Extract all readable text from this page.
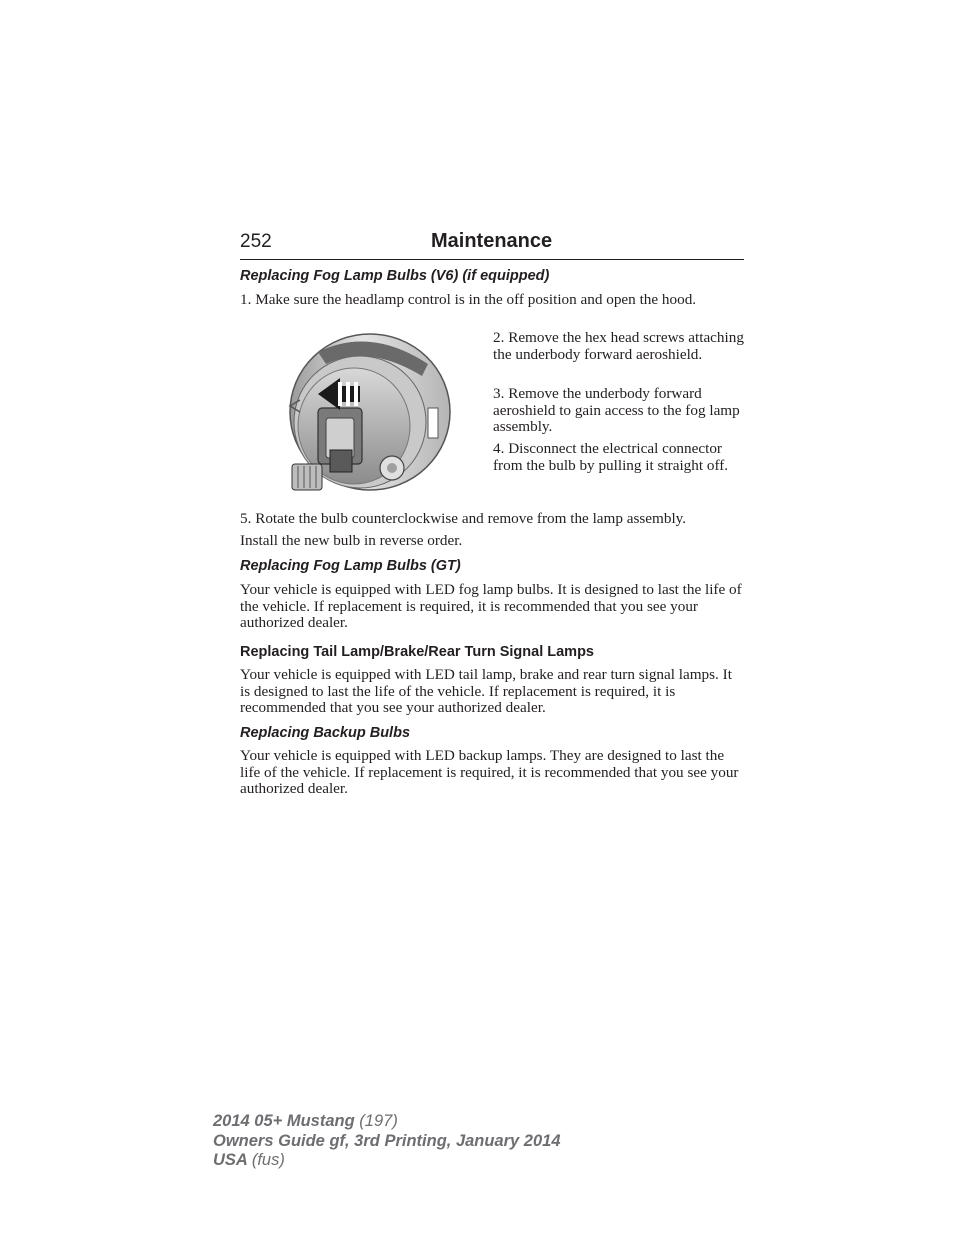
252	Maintenance
Replacing Fog Lamp Bulbs (V6) (if equipped)

1. Make sure the headlamp control is in the off position and open the hood.

2. Remove the hex head screws attaching the underbody forward aeroshield.

3. Remove the underbody forward aeroshield to gain access to the fog lamp assembly.

4. Disconnect the electrical connector from the bulb by pulling it straight off.

5. Rotate the bulb counterclockwise and remove from the lamp assembly.

Install the new bulb in reverse order.

Replacing Fog Lamp Bulbs (GT)

Your vehicle is equipped with LED fog lamp bulbs. It is designed to last the life of the vehicle. If replacement is required, it is recommended that you see your authorized dealer.

Replacing Tail Lamp/Brake/Rear Turn Signal Lamps

Your vehicle is equipped with LED tail lamp, brake and rear turn signal lamps. It is designed to last the life of the vehicle. If replacement is required, it is recommended that you see your authorized dealer.

Replacing Backup Bulbs

Your vehicle is equipped with LED backup lamps. They are designed to last the life of the vehicle. If replacement is required, it is recommended that you see your authorized dealer.

2014 05+ Mustang (197)
Owners Guide gf, 3rd Printing, January 2014
USA (fus)
